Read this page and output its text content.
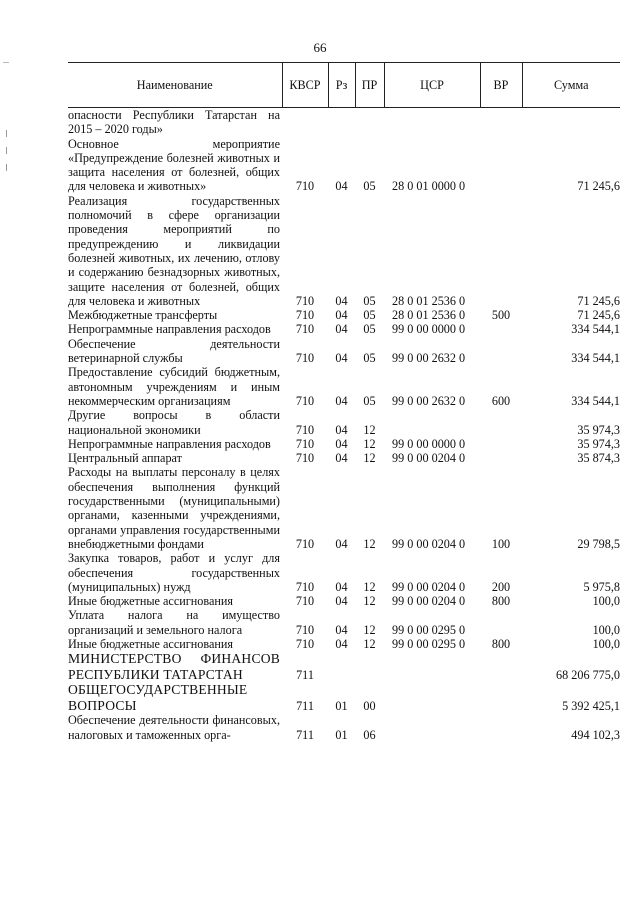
66
Наименование	КВСР	Рз	ПР	ЦСР	ВР	Сумма
опасности Республики Татарстан на 2015 – 2020 годы»						
Основное мероприятие «Предупреждение болезней животных и защита населения от болезней, общих для человека и животных»	710	04	05	28 0 01 0000 0		71 245,6
Реализация государственных полномочий в сфере организации проведения мероприятий по предупреждению и ликвидации болезней животных, их лечению, отлову и содержанию безнадзорных животных, защите населения от болезней, общих для человека и животных	710	04	05	28 0 01 2536 0		71 245,6
Межбюджетные трансферты	710	04	05	28 0 01 2536 0	500	71 245,6
Непрограммные направления расходов	710	04	05	99 0 00 0000 0		334 544,1
Обеспечение деятельности ветеринарной службы	710	04	05	99 0 00 2632 0		334 544,1
Предоставление субсидий бюджетным, автономным учреждениям и иным некоммерческим организациям	710	04	05	99 0 00 2632 0	600	334 544,1
Другие вопросы в области национальной экономики	710	04	12			35 974,3
Непрограммные направления расходов	710	04	12	99 0 00 0000 0		35 974,3
Центральный аппарат	710	04	12	99 0 00 0204 0		35 874,3
Расходы на выплаты персоналу в целях обеспечения выполнения функций государственными (муниципальными) органами, казенными учреждениями, органами управления государственными внебюджетными фондами	710	04	12	99 0 00 0204 0	100	29 798,5
Закупка товаров, работ и услуг для обеспечения государственных (муниципальных) нужд	710	04	12	99 0 00 0204 0	200	5 975,8
Иные бюджетные ассигнования	710	04	12	99 0 00 0204 0	800	100,0
Уплата налога на имущество организаций и земельного налога	710	04	12	99 0 00 0295 0		100,0
Иные бюджетные ассигнования	710	04	12	99 0 00 0295 0	800	100,0
МИНИСТЕРСТВО ФИНАНСОВ РЕСПУБЛИКИ ТАТАРСТАН	711					68 206 775,0
ОБЩЕГОСУДАРСТВЕННЫЕ ВОПРОСЫ	711	01	00			5 392 425,1
Обеспечение деятельности финансовых, налоговых и таможенных орга-	711	01	06			494 102,3
